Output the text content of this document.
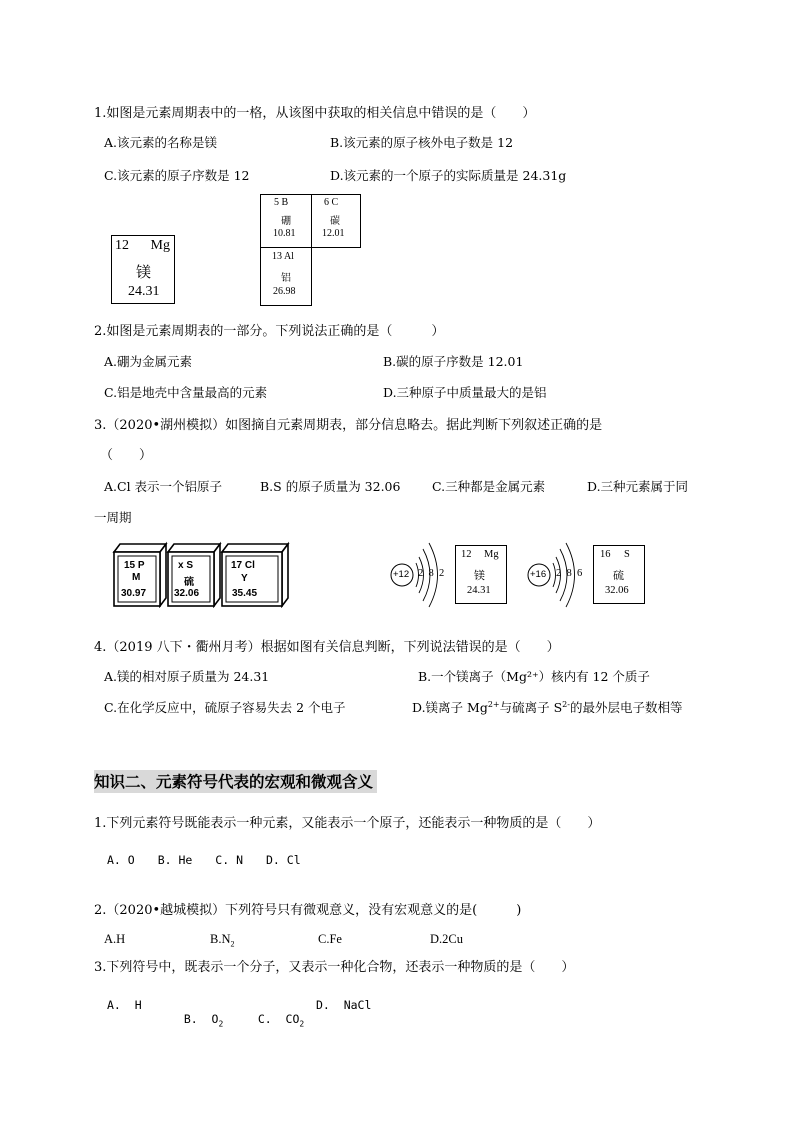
1.如图是元素周期表中的一格，从该图中获取的相关信息中错误的是（　　）
A.该元素的名称是镁	B.该元素的原子核外电子数是 12
C.该元素的原子序数是 12	D.该元素的一个原子的实际质量是 24.31g
12 Mg
镁
24.31
5 B
硼
10.81
6 C
碳
12.01
13 Al
铝
26.98
2.如图是元素周期表的一部分。下列说法正确的是（　　　）
A.硼为金属元素	B.碳的原子序数是 12.01
C.铝是地壳中含量最高的元素	D.三种原子中质量最大的是铝
3.（2020•湖州模拟）如图摘自元素周期表，部分信息略去。据此判断下列叙述正确的是
（　　）
A.Cl 表示一个铝原子	B.S 的原子质量为 32.06	C.三种都是金属元素	D.三种元素属于同
一周期
15 P
M
30.97
x S
硫
32.06
17 Cl
Y
35.45
+12 2  8  2	+16 2  8  6
12 Mg
镁
24.31
16 S
硫
32.06
4.（2019 八下・衢州月考）根据如图有关信息判断，下列说法错误的是（　　）
A.镁的相对原子质量为 24.31	B.一个镁离子（Mg²⁺）核内有 12 个质子
C.在化学反应中，硫原子容易失去 2 个电子	D.镁离子 $Mg^{2+}$与硫离子 $S^{2-}$的最外层电子数相等
知识二、元素符号代表的宏观和微观含义
1.下列元素符号既能表示一种元素，又能表示一个原子，还能表示一种物质的是（　　）
A. O　　B. He　　C. N　　D. Cl
2.（2020•越城模拟）下列符号只有微观意义，没有宏观意义的是(　　　)
A.H	$B.N_2$	C.Fe	D.2Cu
3.下列符号中，既表示一个分子，又表示一种化合物，还表示一种物质的是（　　）
A.  H

B.  $O_2$	C.  $CO_2$

D.  NaCl
